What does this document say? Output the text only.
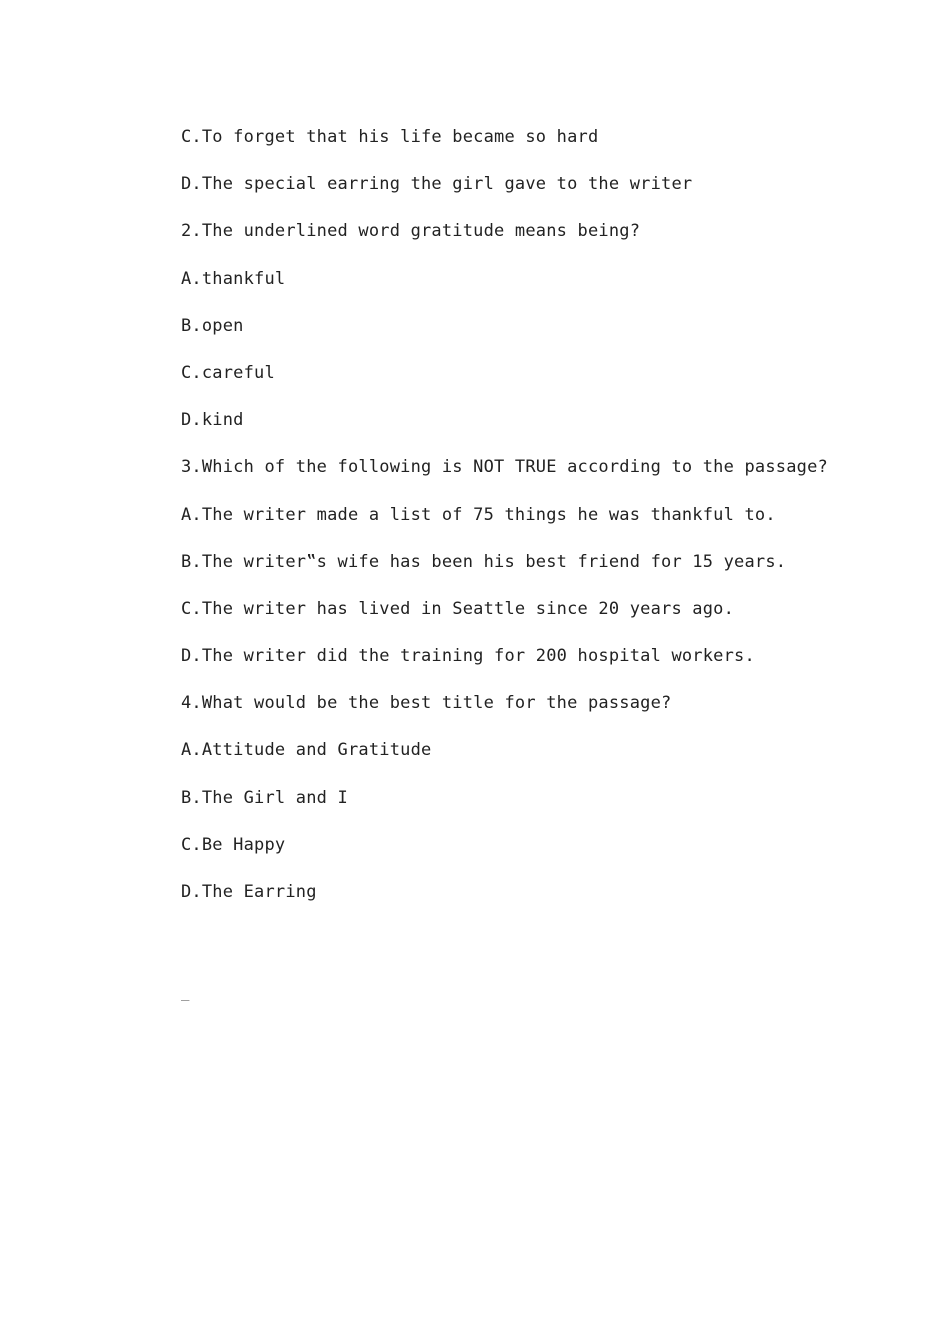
C.To forget that his life became so hard
D.The special earring the girl gave to the writer
2.The underlined word gratitude means being?
A.thankful
B.open
C.careful
D.kind
3.Which of the following is NOT TRUE according to the passage?
A.The writer made a list of 75 things he was thankful to.
B.The writer‟s wife has been his best friend for 15 years.
C.The writer has lived in Seattle since 20 years ago.
D.The writer did the training for 200 hospital workers.
4.What would be the best title for the passage?
A.Attitude and Gratitude
B.The Girl and I
C.Be Happy
D.The Earring
_
